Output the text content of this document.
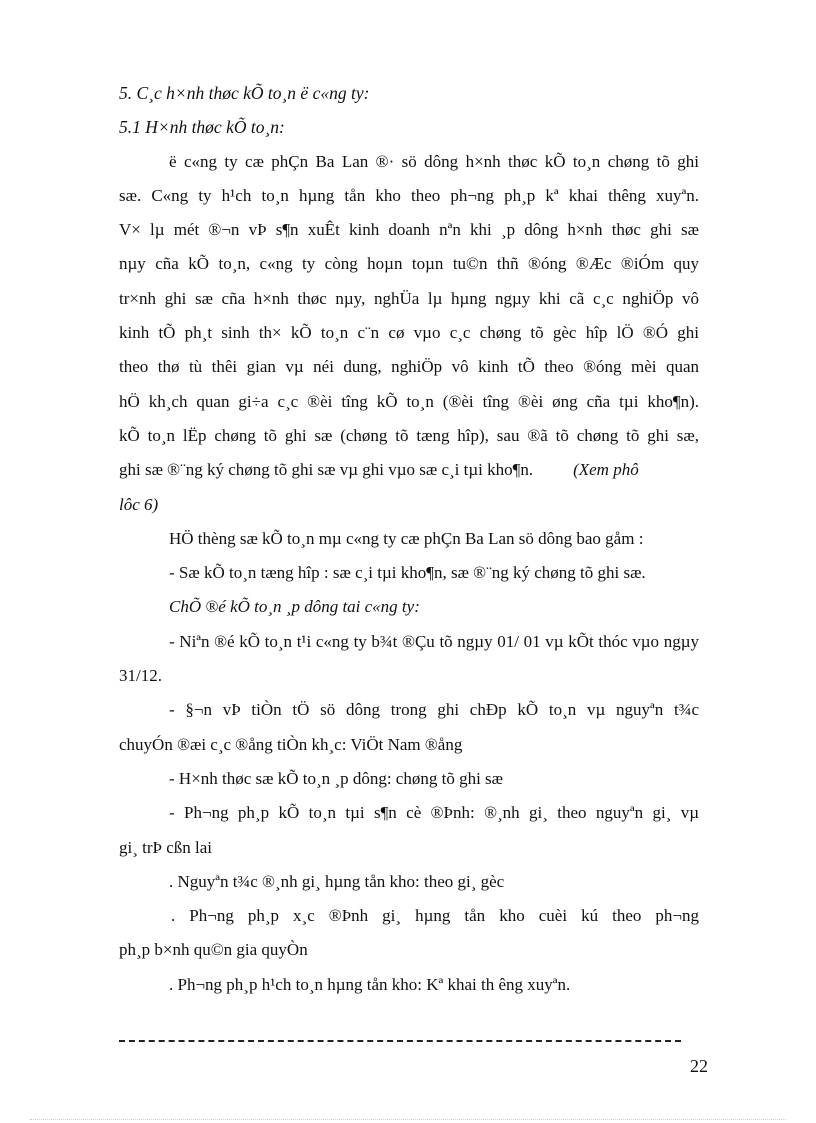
5. C¸c h×nh thøc kÕ to¸n ë c«ng ty:
5.1 H×nh thøc kÕ to¸n:
ë c«ng ty cæ phÇn Ba Lan ®· sö dông h×nh thøc kÕ to¸n chøng tõ ghi
sæ. C«ng ty h¹ch to¸n hµng tån kho theo ph¬ng ph¸p kª khai thêng xuyªn.
V× lµ mét ®¬n vÞ s¶n xuÊt kinh doanh nªn khi ¸p dông h×nh thøc ghi sæ
nµy cña kÕ to¸n, c«ng ty còng hoµn toµn tu©n thñ ®óng ®Æc ®iÓm quy
tr×nh ghi sæ cña h×nh thøc nµy, nghÜa lµ hµng ngµy khi cã c¸c nghiÖp vô
kinh tÕ ph¸t sinh th× kÕ to¸n c¨n cø vµo c¸c chøng tõ gèc hîp lÖ ®Ó ghi
theo thø tù thêi gian vµ néi dung, nghiÖp vô kinh tÕ theo ®óng mèi quan
hÖ kh¸ch quan gi÷a c¸c ®èi tîng kÕ to¸n (®èi tîng ®èi øng cña tµi kho¶n).
kÕ to¸n lËp chøng tõ ghi sæ (chøng tõ tæng hîp), sau ®ã tõ chøng tõ ghi sæ,
ghi sæ ®¨ng ký chøng tõ ghi sæ vµ ghi vµo sæ c¸i tµi kho¶n. (Xem phô
lôc 6)
HÖ thèng sæ kÕ to¸n mµ c«ng ty cæ phÇn Ba Lan sö dông bao gåm :
- Sæ kÕ to¸n tæng hîp : sæ c¸i tµi kho¶n, sæ ®¨ng ký chøng tõ ghi sæ.
ChÕ ®é kÕ to¸n ¸p dông tai c«ng ty:
- Niªn ®é kÕ to¸n t¹i c«ng ty b¾t ®Çu tõ ngµy 01/ 01 vµ kÕt thóc vµo ngµy
31/12.
- §¬n vÞ tiÒn tÖ sö dông trong ghi chÐp kÕ to¸n vµ nguyªn t¾c
chuyÓn ®æi c¸c ®ång tiÒn kh¸c: ViÖt Nam ®ång
- H×nh thøc sæ kÕ to¸n ¸p dông: chøng tõ ghi sæ
- Ph¬ng ph¸p kÕ to¸n tµi s¶n cè ®Þnh: ®¸nh gi¸ theo nguyªn gi¸ vµ
gi¸ trÞ cßn lai
. Nguyªn t¾c ®¸nh gi¸ hµng tån kho: theo gi¸ gèc
. Ph¬ng ph¸p x¸c ®Þnh gi¸ hµng tån kho cuèi kú theo ph¬ng
ph¸p b×nh qu©n gia quyÒn
. Ph¬ng ph¸p h¹ch to¸n hµng tån kho: Kª khai th êng xuyªn.
22
